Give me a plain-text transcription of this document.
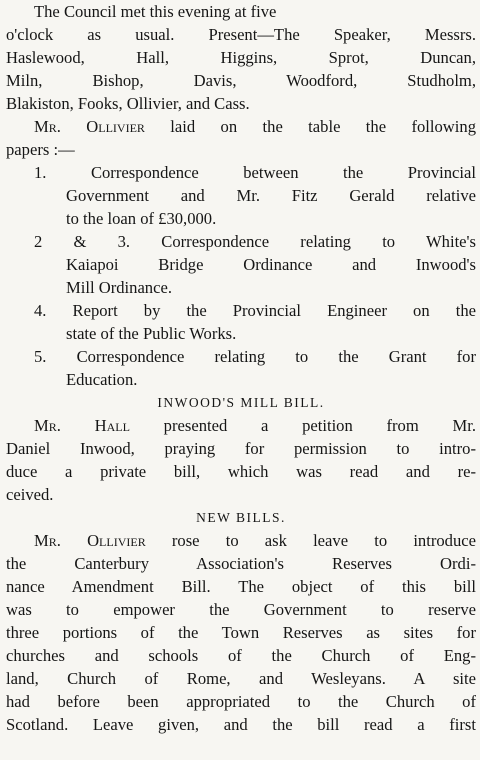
The Council met this evening at five
o'clock as usual. Present—The Speaker, Messrs.
Haslewood, Hall, Higgins, Sprot, Duncan,
Miln, Bishop, Davis, Woodford, Studholm,
Blakiston, Fooks, Ollivier, and Cass.
Mr. Ollivier laid on the table the following
papers :—
1. Correspondence between the Provincial
Government and Mr. Fitz Gerald relative
to the loan of £30,000.
2 & 3. Correspondence relating to White's
Kaiapoi Bridge Ordinance and Inwood's
Mill Ordinance.
4. Report by the Provincial Engineer on the
state of the Public Works.
5. Correspondence relating to the Grant for
Education.
INWOOD'S MILL BILL.
Mr. Hall presented a petition from Mr.
Daniel Inwood, praying for permission to intro-
duce a private bill, which was read and re-
ceived.
NEW BILLS.
Mr. Ollivier rose to ask leave to introduce
the Canterbury Association's Reserves Ordi-
nance Amendment Bill. The object of this bill
was to empower the Government to reserve
three portions of the Town Reserves as sites for
churches and schools of the Church of Eng-
land, Church of Rome, and Wesleyans. A site
had before been appropriated to the Church of
Scotland. Leave given, and the bill read a first
